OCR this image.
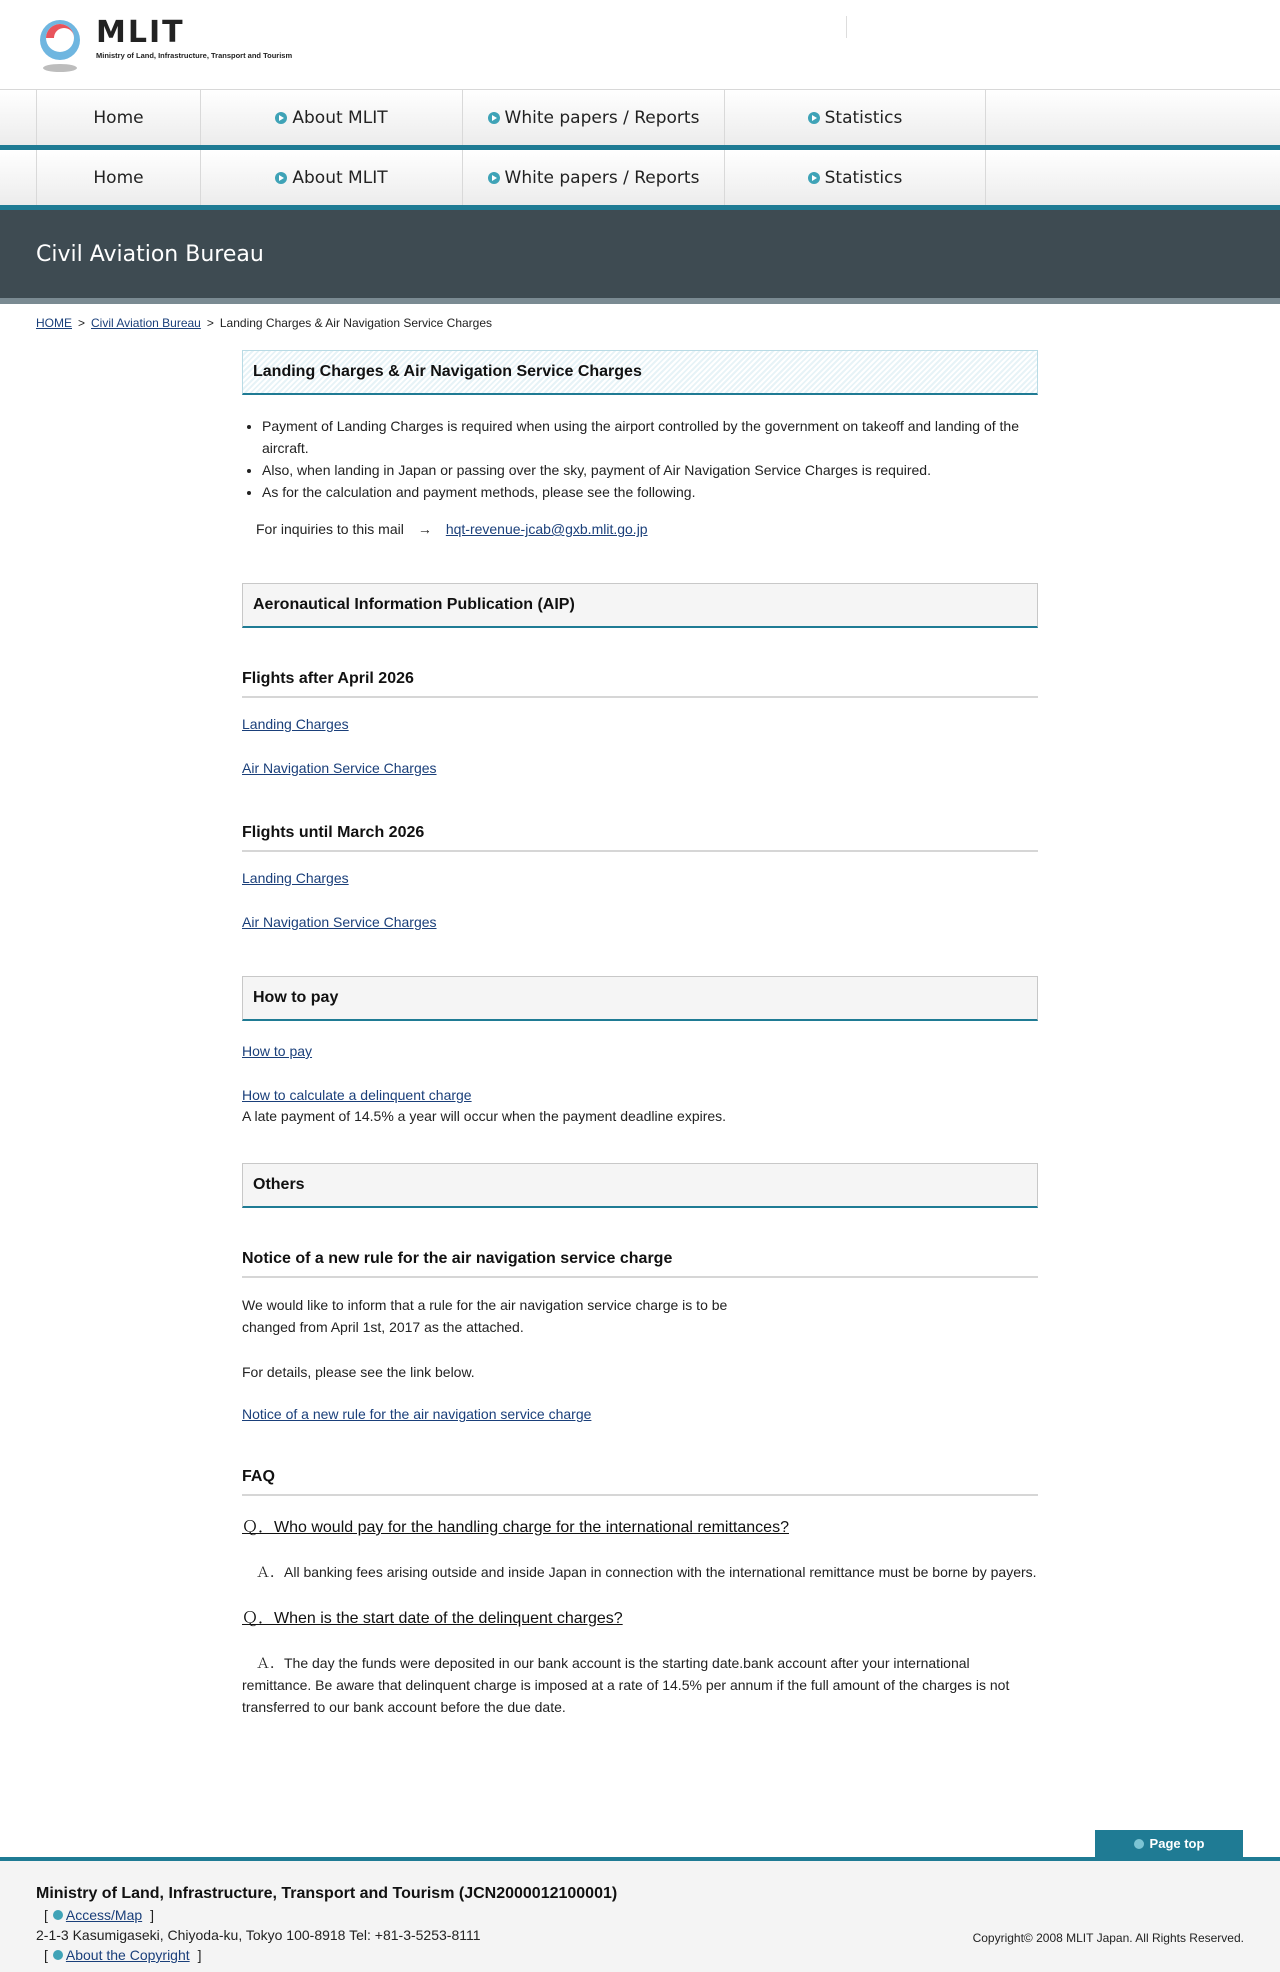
MLIT
Ministry of Land, Infrastructure, Transport and Tourism
Home	About MLIT	White papers / Reports	Statistics
Home	About MLIT	White papers / Reports	Statistics
Civil Aviation Bureau
HOME > Civil Aviation Bureau > Landing Charges & Air Navigation Service Charges
Landing Charges & Air Navigation Service Charges
• Payment of Landing Charges is required when using the airport controlled by the government on takeoff and landing of the aircraft.
• Also, when landing in Japan or passing over the sky, payment of Air Navigation Service Charges is required.
• As for the calculation and payment methods, please see the following.
For inquiries to this mail → hqt-revenue-jcab@gxb.mlit.go.jp
Aeronautical Information Publication (AIP)
Flights after April 2026
Landing Charges
Air Navigation Service Charges
Flights until March 2026
Landing Charges
Air Navigation Service Charges
How to pay
How to pay
How to calculate a delinquent charge
A late payment of 14.5% a year will occur when the payment deadline expires.
Others
Notice of a new rule for the air navigation service charge
We would like to inform that a rule for the air navigation service charge is to be
changed from April 1st, 2017 as the attached.
For details, please see the link below.
Notice of a new rule for the air navigation service charge
FAQ
Ｑ．Who would pay for the handling charge for the international remittances?
Ａ．All banking fees arising outside and inside Japan in connection with the international remittance must be borne by payers.
Ｑ．When is the start date of the delinquent charges?
Ａ．The day the funds were deposited in our bank account is the starting date.bank account after your international
remittance. Be aware that delinquent charge is imposed at a rate of 14.5% per annum if the full amount of the charges is not
transferred to our bank account before the due date.
Page top
Ministry of Land, Infrastructure, Transport and Tourism (JCN2000012100001)
[ Access/Map ]
2-1-3 Kasumigaseki, Chiyoda-ku, Tokyo 100-8918 Tel: +81-3-5253-8111
[ About the Copyright ]
Copyright© 2008 MLIT Japan. All Rights Reserved.
